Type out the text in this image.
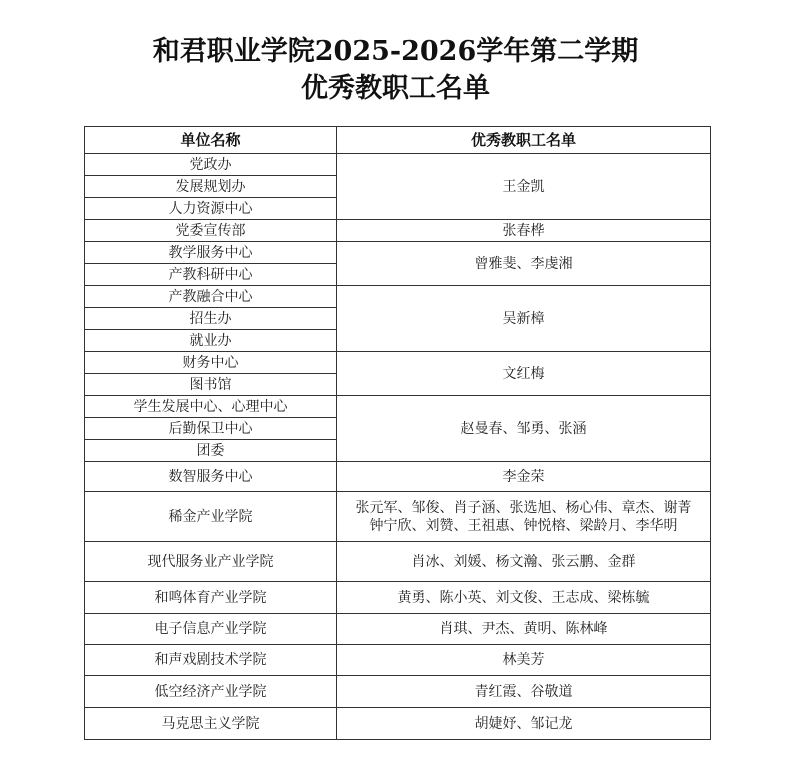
和君职业学院2025-2026学年第二学期
优秀教职工名单
单位名称	优秀教职工名单
党政办	王金凯
发展规划办	
人力资源中心	
党委宣传部	张春桦
教学服务中心	曾雅斐、李虔湘
产教科研中心	
产教融合中心	吴新樟
招生办	
就业办	
财务中心	文红梅
图书馆	
学生发展中心、心理中心	赵曼春、邹勇、张涵
后勤保卫中心	
团委	
数智服务中心	李金荣
稀金产业学院	张元军、邹俊、肖子涵、张选旭、杨心伟、章杰、谢菁
钟宁欣、刘赞、王祖惠、钟悦榕、梁龄月、李华明

现代服务业产业学院	肖冰、刘媛、杨文瀚、张云鹏、金群
和鸣体育产业学院	黄勇、陈小英、刘文俊、王志成、梁栋毓
电子信息产业学院	肖琪、尹杰、黄明、陈林峰
和声戏剧技术学院	林美芳
低空经济产业学院	青红霞、谷敬道
马克思主义学院	胡婕妤、邹记龙
